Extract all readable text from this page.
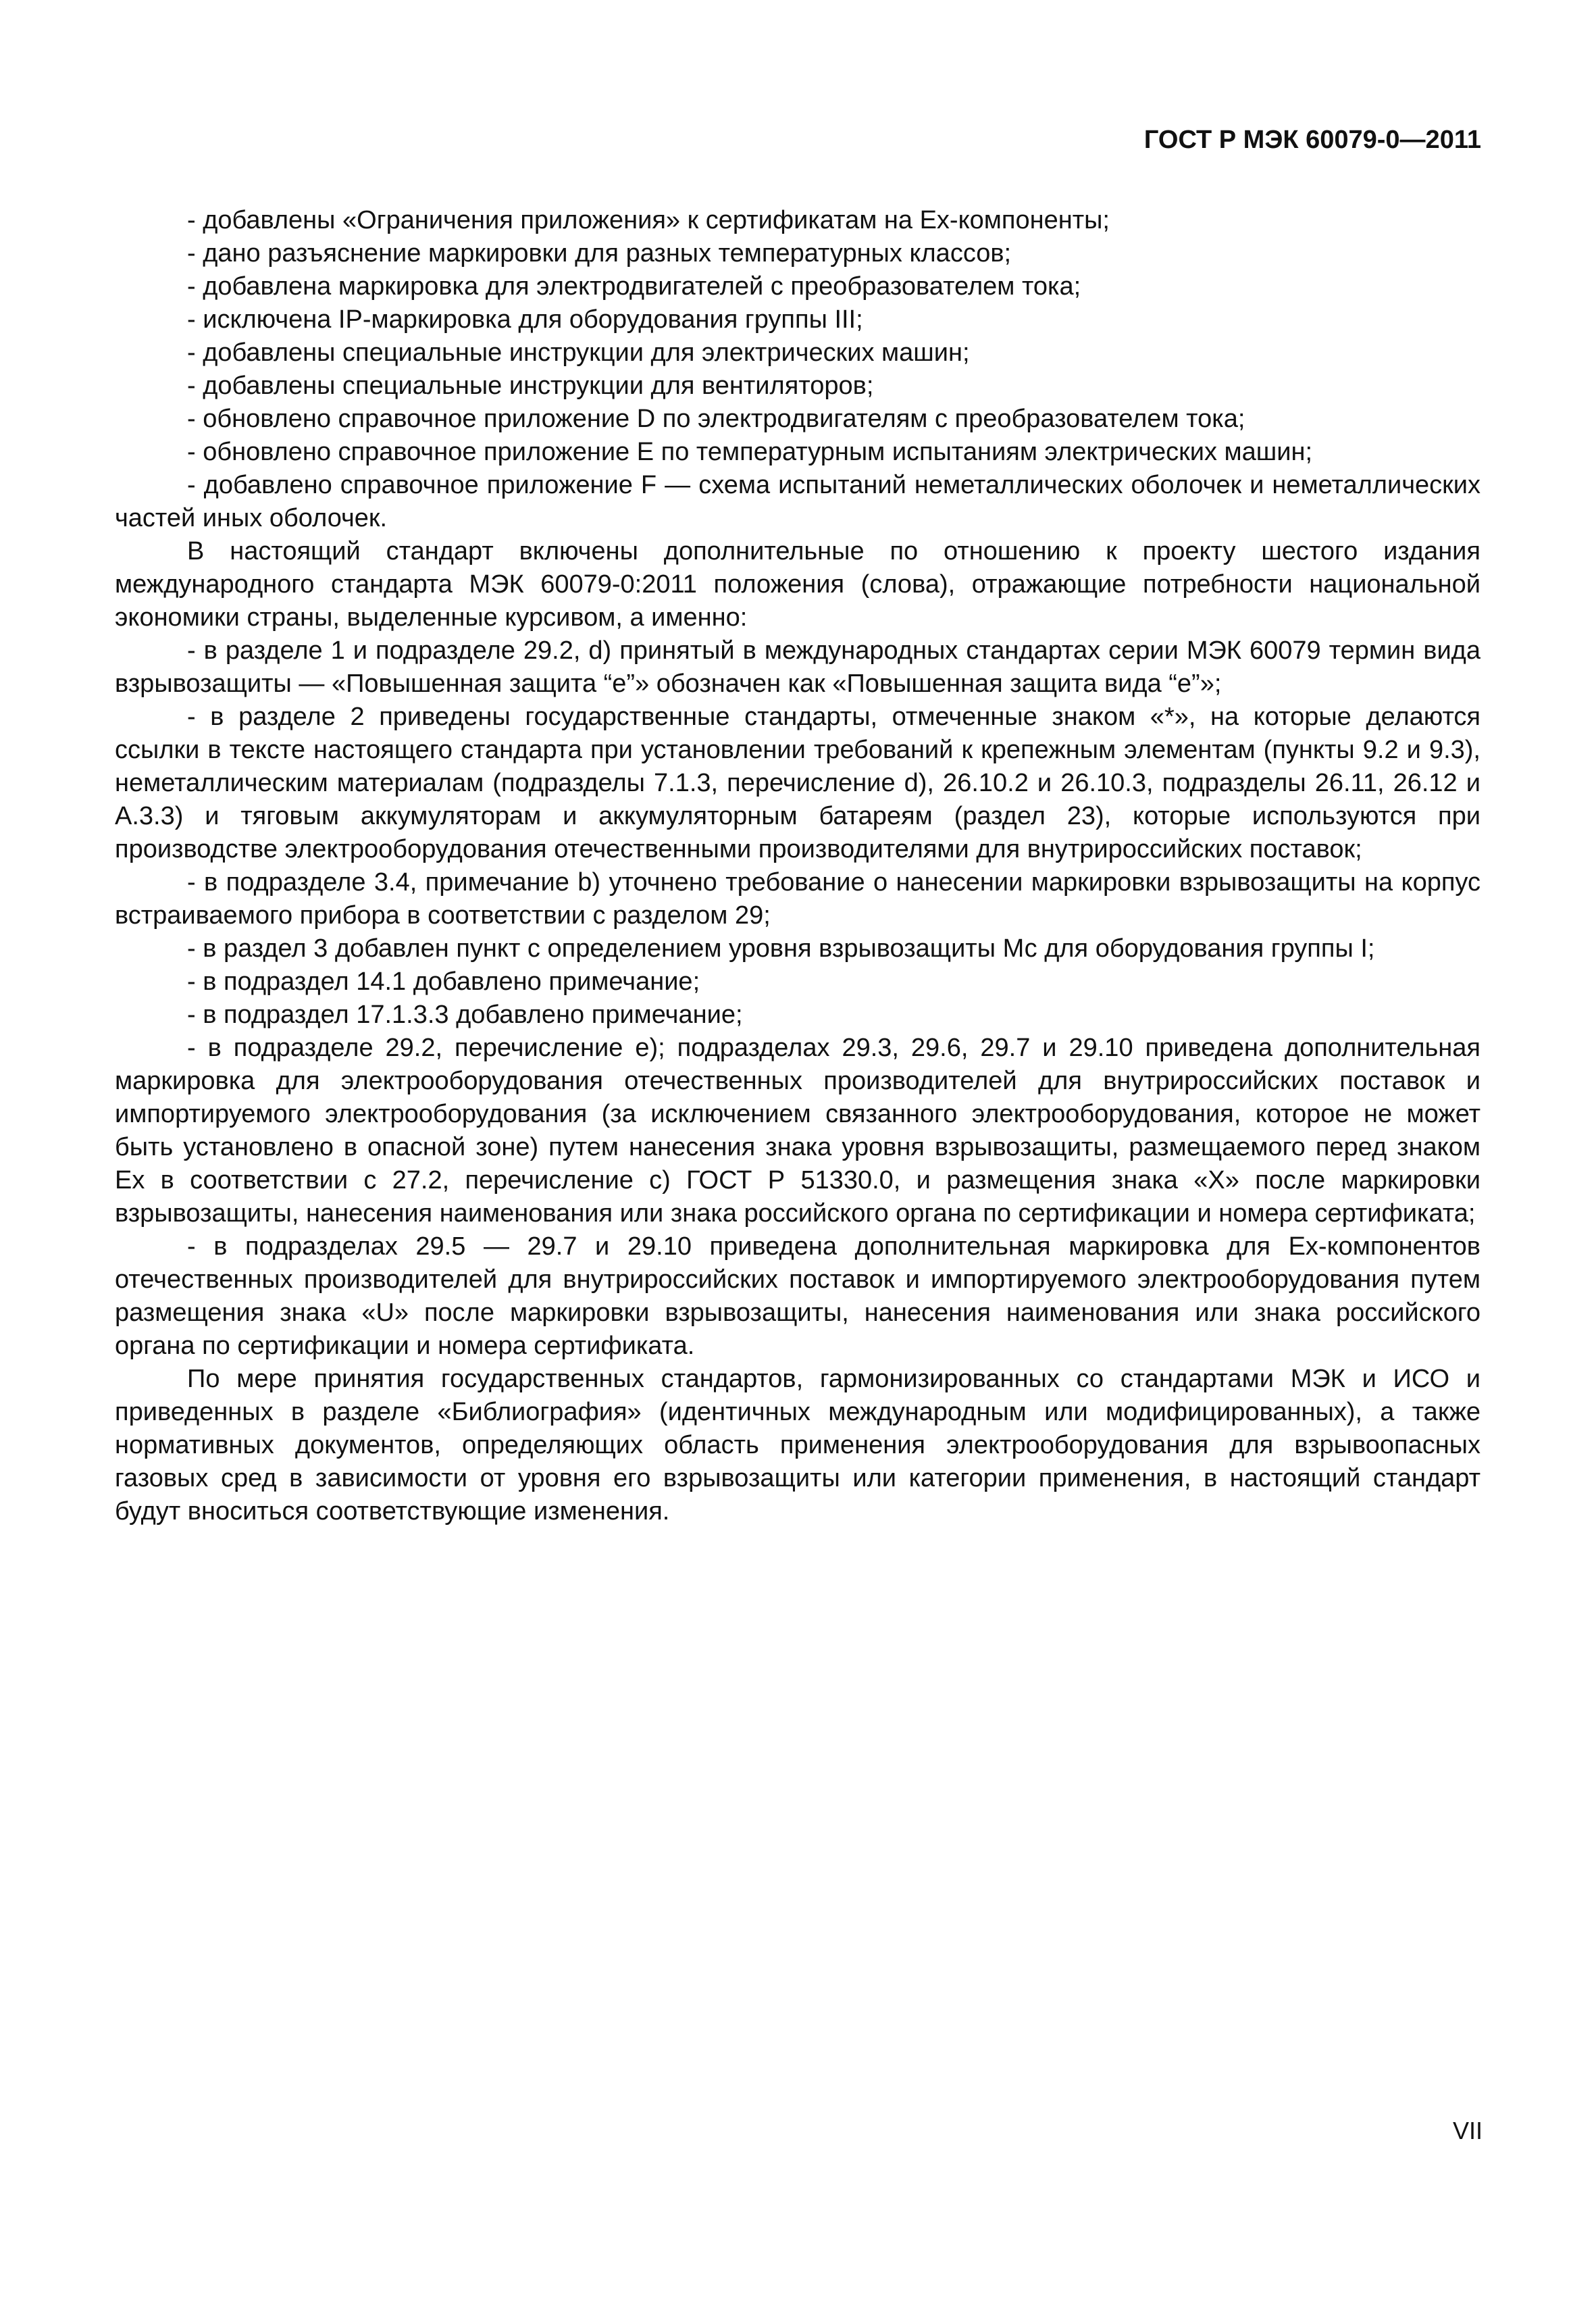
ГОСТ Р МЭК 60079-0—2011

- добавлены «Ограничения приложения» к сертификатам на Ex-компоненты;

- дано разъяснение маркировки для разных температурных классов;

- добавлена маркировка для электродвигателей с преобразователем тока;

- исключена IP-маркировка для оборудования группы III;

- добавлены специальные инструкции для электрических машин;

- добавлены специальные инструкции для вентиляторов;

- обновлено справочное приложение D по электродвигателям с преобразователем тока;

- обновлено справочное приложение E по температурным испытаниям электрических машин;

- добавлено справочное приложение F — схема испытаний неметаллических оболочек и неметаллических частей иных оболочек.

В настоящий стандарт включены дополнительные по отношению к проекту шестого издания международного стандарта МЭК 60079-0:2011 положения (слова), отражающие потребности национальной экономики страны, выделенные курсивом, а именно:

- в разделе 1 и подразделе 29.2, d) принятый в международных стандартах серии МЭК 60079 термин вида взрывозащиты — «Повышенная защита “е”» обозначен как «Повышенная защита вида “е”»;

- в разделе 2 приведены государственные стандарты, отмеченные знаком «*», на которые делаются ссылки в тексте настоящего стандарта при установлении требований к крепежным элементам (пункты 9.2 и 9.3), неметаллическим материалам (подразделы 7.1.3, перечисление d), 26.10.2 и 26.10.3, подразделы 26.11, 26.12 и А.3.3) и тяговым аккумуляторам и аккумуляторным батареям (раздел 23), которые используются при производстве электрооборудования отечественными производителями для внутрироссийских поставок;

- в подразделе 3.4, примечание b) уточнено требование о нанесении маркировки взрывозащиты на корпус встраиваемого прибора в соответствии с разделом 29;

- в раздел 3 добавлен пункт с определением уровня взрывозащиты Мс для оборудования группы I;

- в подраздел 14.1 добавлено примечание;

- в подраздел 17.1.3.3 добавлено примечание;

- в подразделе 29.2, перечисление е); подразделах 29.3, 29.6, 29.7 и 29.10 приведена дополнительная маркировка для электрооборудования отечественных производителей для внутрироссийских поставок и импортируемого электрооборудования (за исключением связанного электрооборудования, которое не может быть установлено в опасной зоне) путем нанесения знака уровня взрывозащиты, размещаемого перед знаком Ex в соответствии с 27.2, перечисление с) ГОСТ Р 51330.0, и размещения знака «X» после маркировки взрывозащиты, нанесения наименования или знака российского органа по сертификации и номера сертификата;

- в подразделах 29.5 — 29.7 и 29.10 приведена дополнительная маркировка для Ex-компонентов отечественных производителей для внутрироссийских поставок и импортируемого электрооборудования путем размещения знака «U» после маркировки взрывозащиты, нанесения наименования или знака российского органа по сертификации и номера сертификата.

По мере принятия государственных стандартов, гармонизированных со стандартами МЭК и ИСО и приведенных в разделе «Библиография» (идентичных международным или модифицированных), а также нормативных документов, определяющих область применения электрооборудования для взрывоопасных газовых сред в зависимости от уровня его взрывозащиты или категории применения, в настоящий стандарт будут вноситься соответствующие изменения.

VII
